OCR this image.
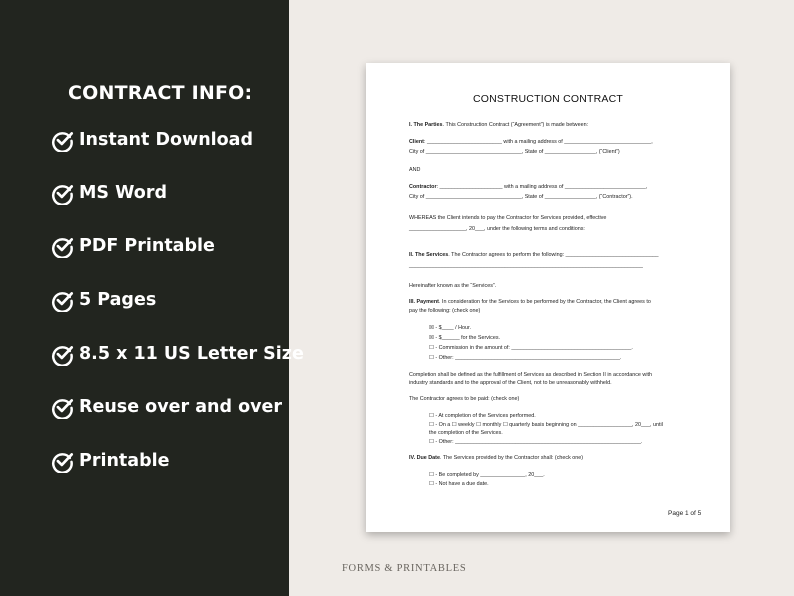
CONTRACT INFO:
Instant Download
MS Word
PDF Printable
5 Pages
8.5 x 11 US Letter Size
Reuse over and over
Printable
CONSTRUCTION CONTRACT
I. The Parties. This Construction Contract (“Agreement”) is made between:
Client: _________________________ with a mailing address of _____________________________,
City of ________________________________, State of _________________, (“Client”)
AND
Contractor: _____________________ with a mailing address of ___________________________,
City of ________________________________, State of _________________, (“Contractor”).
WHEREAS the Client intends to pay the Contractor for Services provided, effective
___________________, 20___, under the following terms and conditions:
II. The Services. The Contractor agrees to perform the following: _______________________________
______________________________________________________________________________
Hereinafter known as the “Services”.
III. Payment. In consideration for the Services to be performed by the Contractor, the Client agrees to
pay the following: (check one)
☒ - $____ / Hour.
☒ - $______ for the Services.
☐ - Commission in the amount of: ________________________________________.
☐ - Other: _______________________________________________________.
Completion shall be defined as the fulfillment of Services as described in Section II in accordance with
industry standards and to the approval of the Client, not to be unreasonably withheld.
The Contractor agrees to be paid: (check one)
☐ - At completion of the Services performed.
☐ - On a ☐ weekly ☐ monthly ☐ quarterly basis beginning on __________________, 20___, until
the completion of the Services.
☐ - Other: ______________________________________________________________.
IV. Due Date. The Services provided by the Contractor shall: (check one)
☐ - Be completed by _______________, 20___.
☐ - Not have a due date.
Page 1 of 5
FORMS & PRINTABLES
